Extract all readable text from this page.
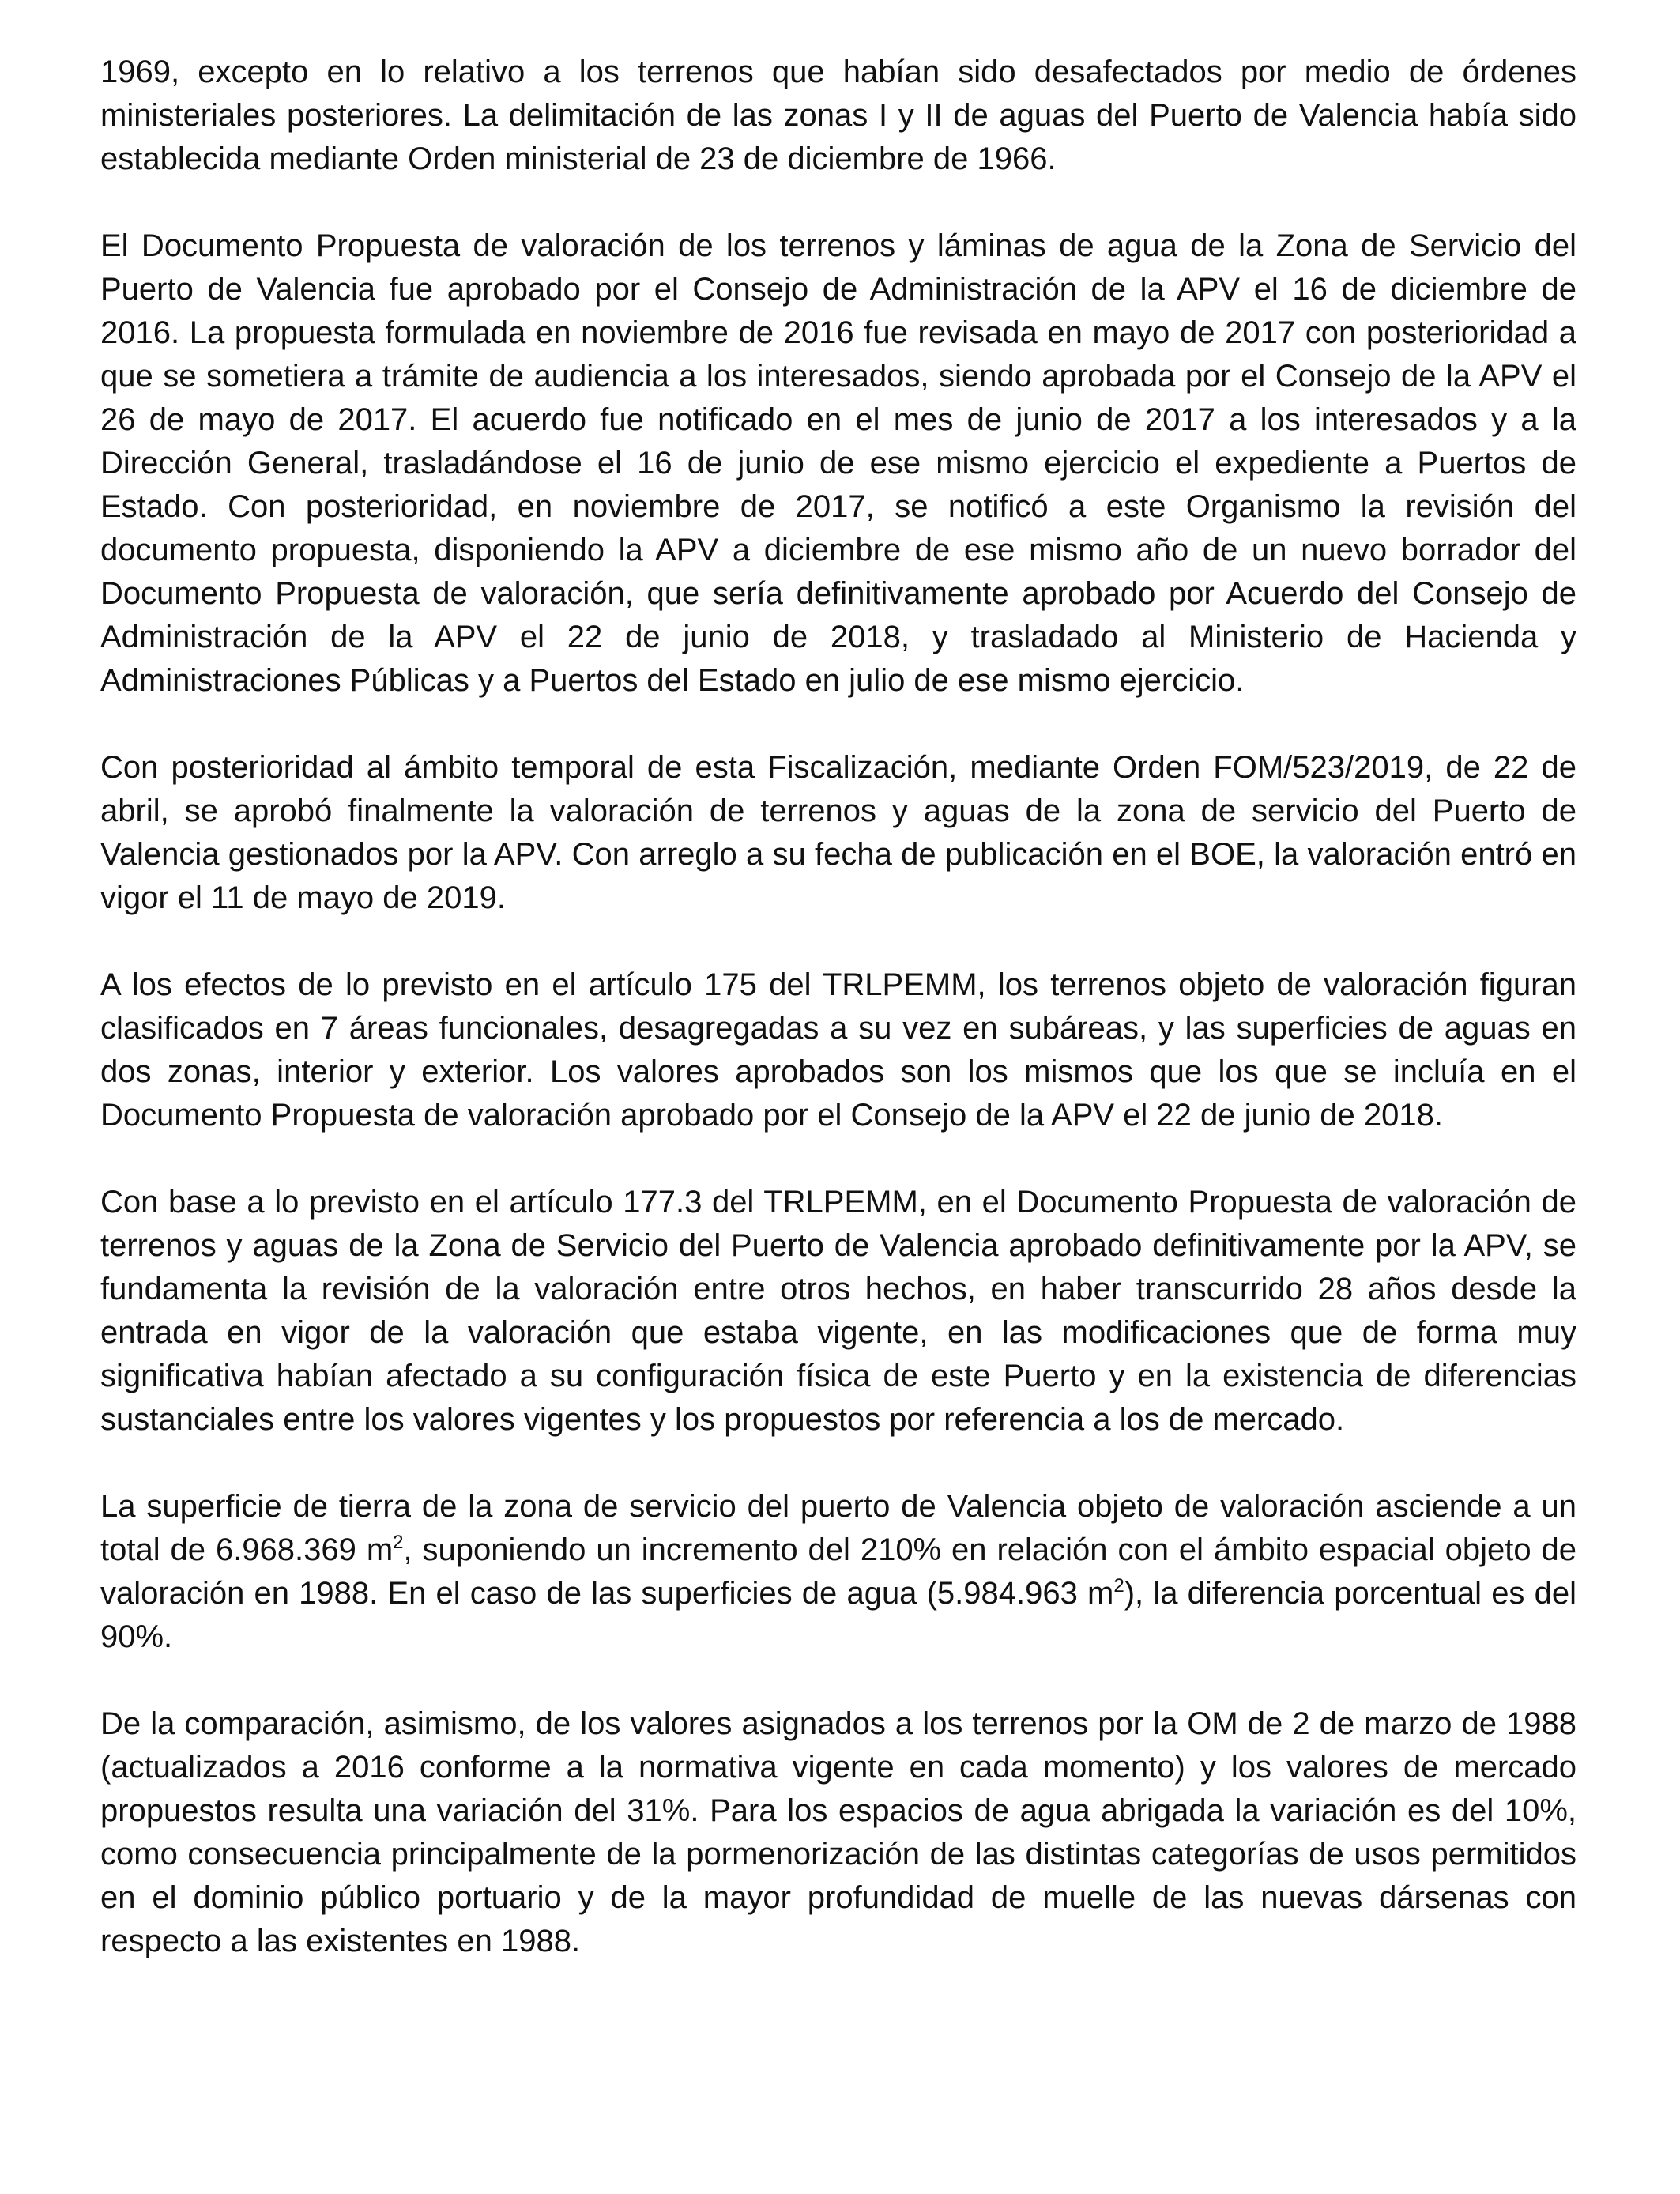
1969, excepto en lo relativo a los terrenos que habían sido desafectados por medio de órdenes ministeriales posteriores. La delimitación de las zonas I y II de aguas del Puerto de Valencia había sido establecida mediante Orden ministerial de 23 de diciembre de 1966.

El Documento Propuesta de valoración de los terrenos y láminas de agua de la Zona de Servicio del Puerto de Valencia fue aprobado por el Consejo de Administración de la APV el 16 de diciembre de 2016. La propuesta formulada en noviembre de 2016 fue revisada en mayo de 2017 con posterioridad a que se sometiera a trámite de audiencia a los interesados, siendo aprobada por el Consejo de la APV el 26 de mayo de 2017. El acuerdo fue notificado en el mes de junio de 2017 a los interesados y a la Dirección General, trasladándose el 16 de junio de ese mismo ejercicio el expediente a Puertos de Estado. Con posterioridad, en noviembre de 2017, se notificó a este Organismo la revisión del documento propuesta, disponiendo la APV a diciembre de ese mismo año de un nuevo borrador del Documento Propuesta de valoración, que sería definitivamente aprobado por Acuerdo del Consejo de Administración de la APV el 22 de junio de 2018, y trasladado al Ministerio de Hacienda y Administraciones Públicas y a Puertos del Estado en julio de ese mismo ejercicio.

Con posterioridad al ámbito temporal de esta Fiscalización, mediante Orden FOM/523/2019, de 22 de abril, se aprobó finalmente la valoración de terrenos y aguas de la zona de servicio del Puerto de Valencia gestionados por la APV. Con arreglo a su fecha de publicación en el BOE, la valoración entró en vigor el 11 de mayo de 2019.

A los efectos de lo previsto en el artículo 175 del TRLPEMM, los terrenos objeto de valoración figuran clasificados en 7 áreas funcionales, desagregadas a su vez en subáreas, y las superficies de aguas en dos zonas, interior y exterior. Los valores aprobados son los mismos que los que se incluía en el Documento Propuesta de valoración aprobado por el Consejo de la APV el 22 de junio de 2018.

Con base a lo previsto en el artículo 177.3 del TRLPEMM, en el Documento Propuesta de valoración de terrenos y aguas de la Zona de Servicio del Puerto de Valencia aprobado definitivamente por la APV, se fundamenta la revisión de la valoración entre otros hechos, en haber transcurrido 28 años desde la entrada en vigor de la valoración que estaba vigente, en las modificaciones que de forma muy significativa habían afectado a su configuración física de este Puerto y en la existencia de diferencias sustanciales entre los valores vigentes y los propuestos por referencia a los de mercado.

La superficie de tierra de la zona de servicio del puerto de Valencia objeto de valoración asciende a un total de 6.968.369 $m^2$, suponiendo un incremento del 210% en relación con el ámbito espacial objeto de valoración en 1988. En el caso de las superficies de agua (5.984.963 $m^2$), la diferencia porcentual es del 90%.

De la comparación, asimismo, de los valores asignados a los terrenos por la OM de 2 de marzo de 1988 (actualizados a 2016 conforme a la normativa vigente en cada momento) y los valores de mercado propuestos resulta una variación del 31%. Para los espacios de agua abrigada la variación es del 10%, como consecuencia principalmente de la pormenorización de las distintas categorías de usos permitidos en el dominio público portuario y de la mayor profundidad de muelle de las nuevas dársenas con respecto a las existentes en 1988.
